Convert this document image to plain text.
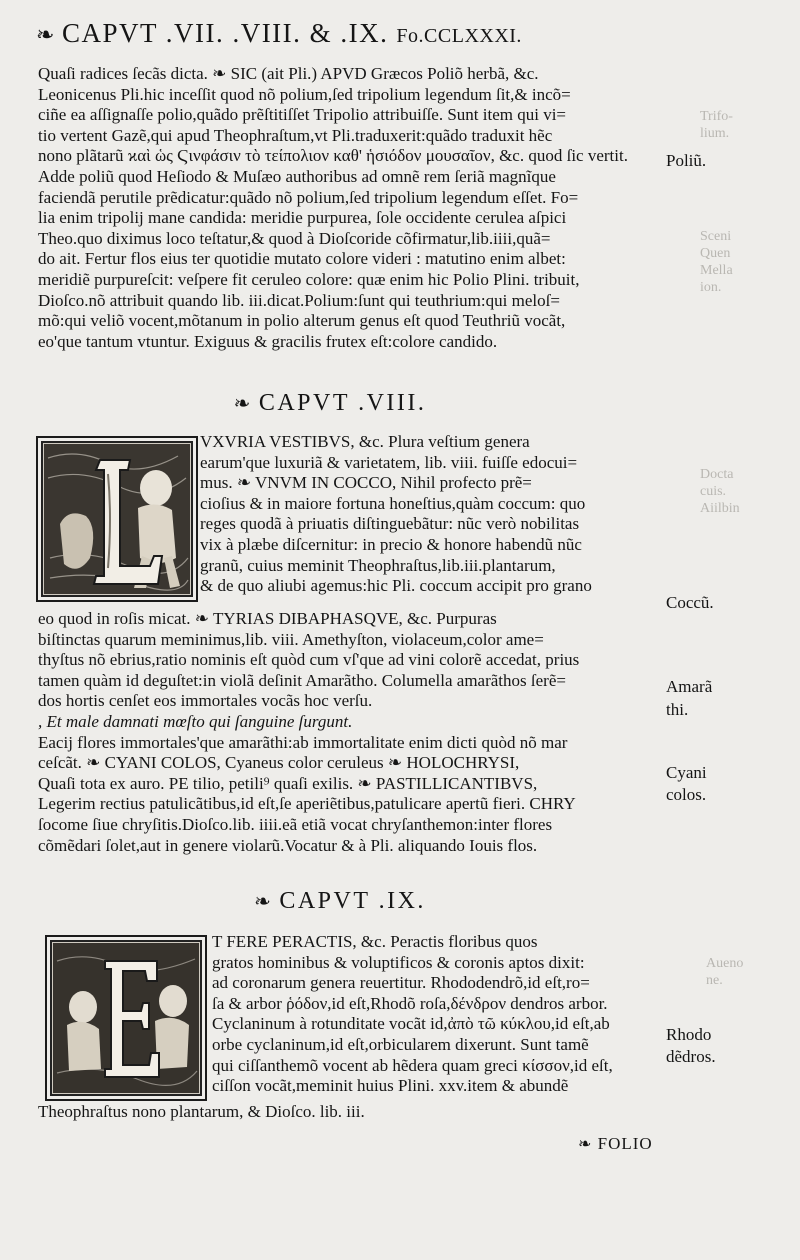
❧ CAPVT .VII. .VIII. & .IX. Fo.CCLXXXI.
Trifo-
lium.
Sceni
Quen
Mella
ion.
Docta
cuis.
Aiilbin
Aueno
ne.
Quaſi radices ſecãs dicta. ❧ SIC (ait Pli.) APVD Græcos Poliõ herbã, &c.
Leonicenus Pli.hic inceſſit quod nõ polium,ſed tripolium legendum ſit,& incõ=
ciñe ea aſſignaſſe polio,quãdo prẽſtitiſſet Tripolio attribuiſſe. Sunt item qui vi=
tio vertent Gazẽ,qui apud Theophraſtum,vt Pli.traduxerit:quãdo traduxit hẽc
nono plãtarũ ϰαὶ ὡς Ϛινφάσιν τὸ τείπολιον καθ' ἡσιόδον μουσαῖον, &c. quod ſic vertit.
Adde poliũ quod Heſiodo & Muſæo authoribus ad omnẽ rem ſeriã magnĩque
faciendã perutile prẽdicatur:quãdo nõ polium,ſed tripolium legendum eſſet. Fo=
lia enim tripolij mane candida: meridie purpurea, ſole occidente cerulea aſpici
Theo.quo diximus loco teſtatur,& quod à Dioſcoride cõfirmatur,lib.iiii,quã=
do ait. Fertur flos eius ter quotidie mutato colore videri : matutino enim albet:
meridiẽ purpureſcit: veſpere fit ceruleo colore: quæ enim hic Polio Plini. tribuit,
Dioſco.nõ attribuit quando lib. iii.dicat.Polium:ſunt qui teuthrium:qui meloſ=
mõ:qui veliõ vocent,mõtanum in polio alterum genus eſt quod Teuthriũ vocãt,
eo'que tantum vtuntur. Exiguus & gracilis frutex eſt:colore candido.
❧ CAPVT .VIII.
VXVRIA VESTIBVS, &c. Plura veſtium genera
earum'que luxuriã & varietatem, lib. viii. fuiſſe edocui=
mus. ❧ VNVM IN COCCO, Nihil profecto prẽ=
cioſius & in maiore fortuna honeſtius,quàm coccum: quo
reges quodã à priuatis diſtinguebãtur: nũc verò nobilitas
vix à plæbe diſcernitur: in precio & honore habendũ nũc
granũ, cuius meminit Theophraſtus,lib.iii.plantarum,
& de quo aliubi agemus:hic Pli. coccum accipit pro grano
eo quod in roſis micat. ❧ TYRIAS DIBAPHASQVE, &c. Purpuras
biſtinctas quarum meminimus,lib. viii. Amethyſton, violaceum,color ame=
thyſtus nõ ebrius,ratio nominis eſt quòd cum vſ'que ad vini colorẽ accedat, prius
tamen quàm id deguſtet:in violã deſinit Amarãtho. Columella amarãthos ſerẽ=
dos hortis cenſet eos immortales vocãs hoc verſu.
, Et male damnati mœſto qui ſanguine ſurgunt.
Eacij flores immortales'que amarãthi:ab immortalitate enim dicti quòd nõ mar
ceſcãt. ❧ CYANI COLOS, Cyaneus color ceruleus ❧ HOLOCHRYSI,
Quaſi tota ex auro. PE tilio, petili⁹ quaſi exilis. ❧ PASTILLICANTIBVS,
Legerim rectius patulicãtibus,id eſt,ſe aperiẽtibus,patulicare apertũ fieri. CHRY
ſocome ſiue chryſitis.Dioſco.lib. iiii.eã etiã vocat chryſanthemon:inter flores
cõmẽdari ſolet,aut in genere violarũ.Vocatur & à Pli. aliquando Iouis flos.
❧ CAPVT .IX.
T FERE PERACTIS, &c. Peractis floribus quos
gratos hominibus & voluptificos & coronis aptos dixit:
ad coronarum genera reuertitur. Rhododendrõ,id eſt,ro=
ſa & arbor ῥόδον,id eſt,Rhodõ roſa,δένδρον dendros arbor.
Cyclaninum à rotunditate vocãt id,ἀπὸ τῶ κύκλου,id eſt,ab
orbe cyclaninum,id eſt,orbicularem dixerunt. Sunt tamẽ
qui ciſſanthemõ vocent ab hẽdera quam greci κίσσον,id eſt,
ciſſon vocãt,meminit huius Plini. xxv.item & abundẽ
Theophraſtus nono plantarum, & Dioſco. lib. iii.
Poliũ.
Coccũ.
Amarã
thi.
Cyani
colos.
Rhodo
dẽdros.
❧ FOLIO
